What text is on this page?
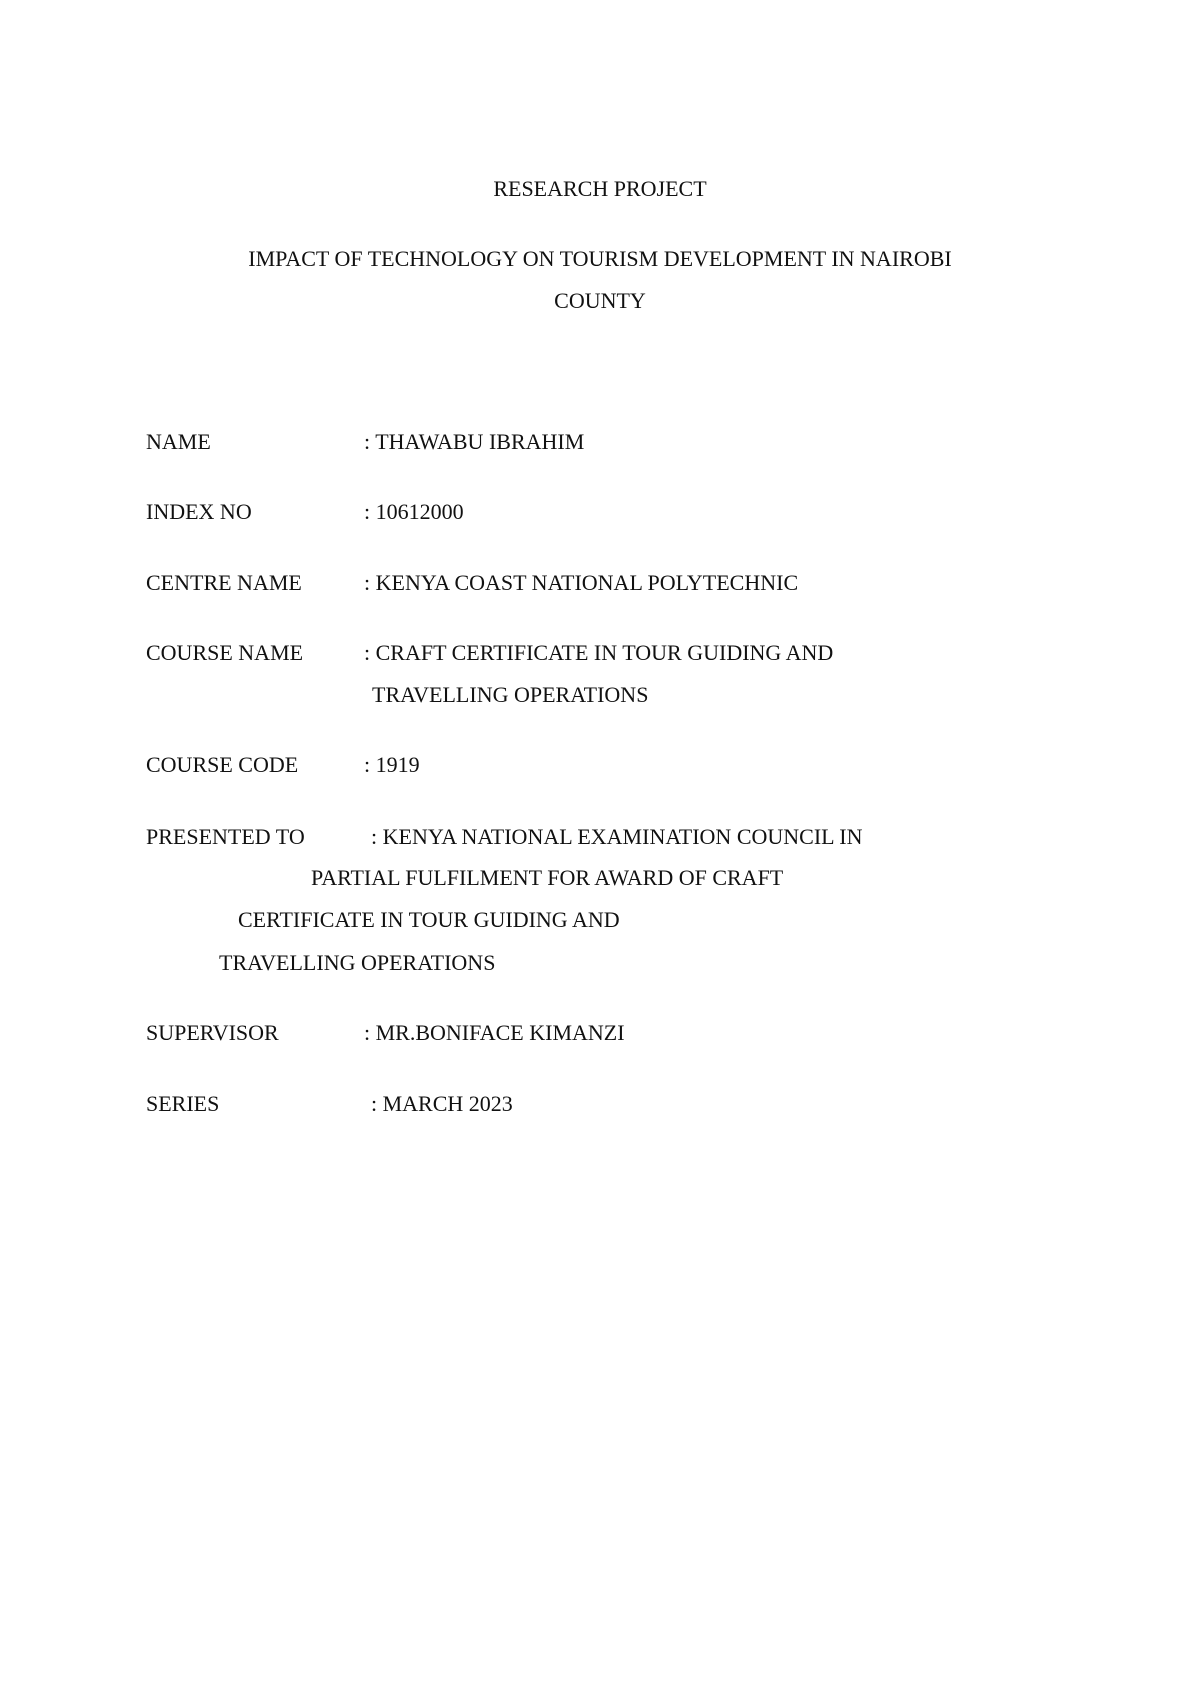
RESEARCH PROJECT
IMPACT OF TECHNOLOGY ON TOURISM DEVELOPMENT IN NAIROBI
COUNTY
NAME	: THAWABU IBRAHIM
INDEX NO	: 10612000
CENTRE NAME	: KENYA COAST NATIONAL POLYTECHNIC
COURSE NAME	: CRAFT CERTIFICATE IN TOUR GUIDING AND
TRAVELLING OPERATIONS
COURSE CODE	: 1919
PRESENTED TO	: KENYA NATIONAL EXAMINATION COUNCIL IN
PARTIAL FULFILMENT FOR AWARD OF CRAFT
CERTIFICATE IN TOUR GUIDING AND
TRAVELLING OPERATIONS
SUPERVISOR	: MR.BONIFACE KIMANZI
SERIES	: MARCH 2023
